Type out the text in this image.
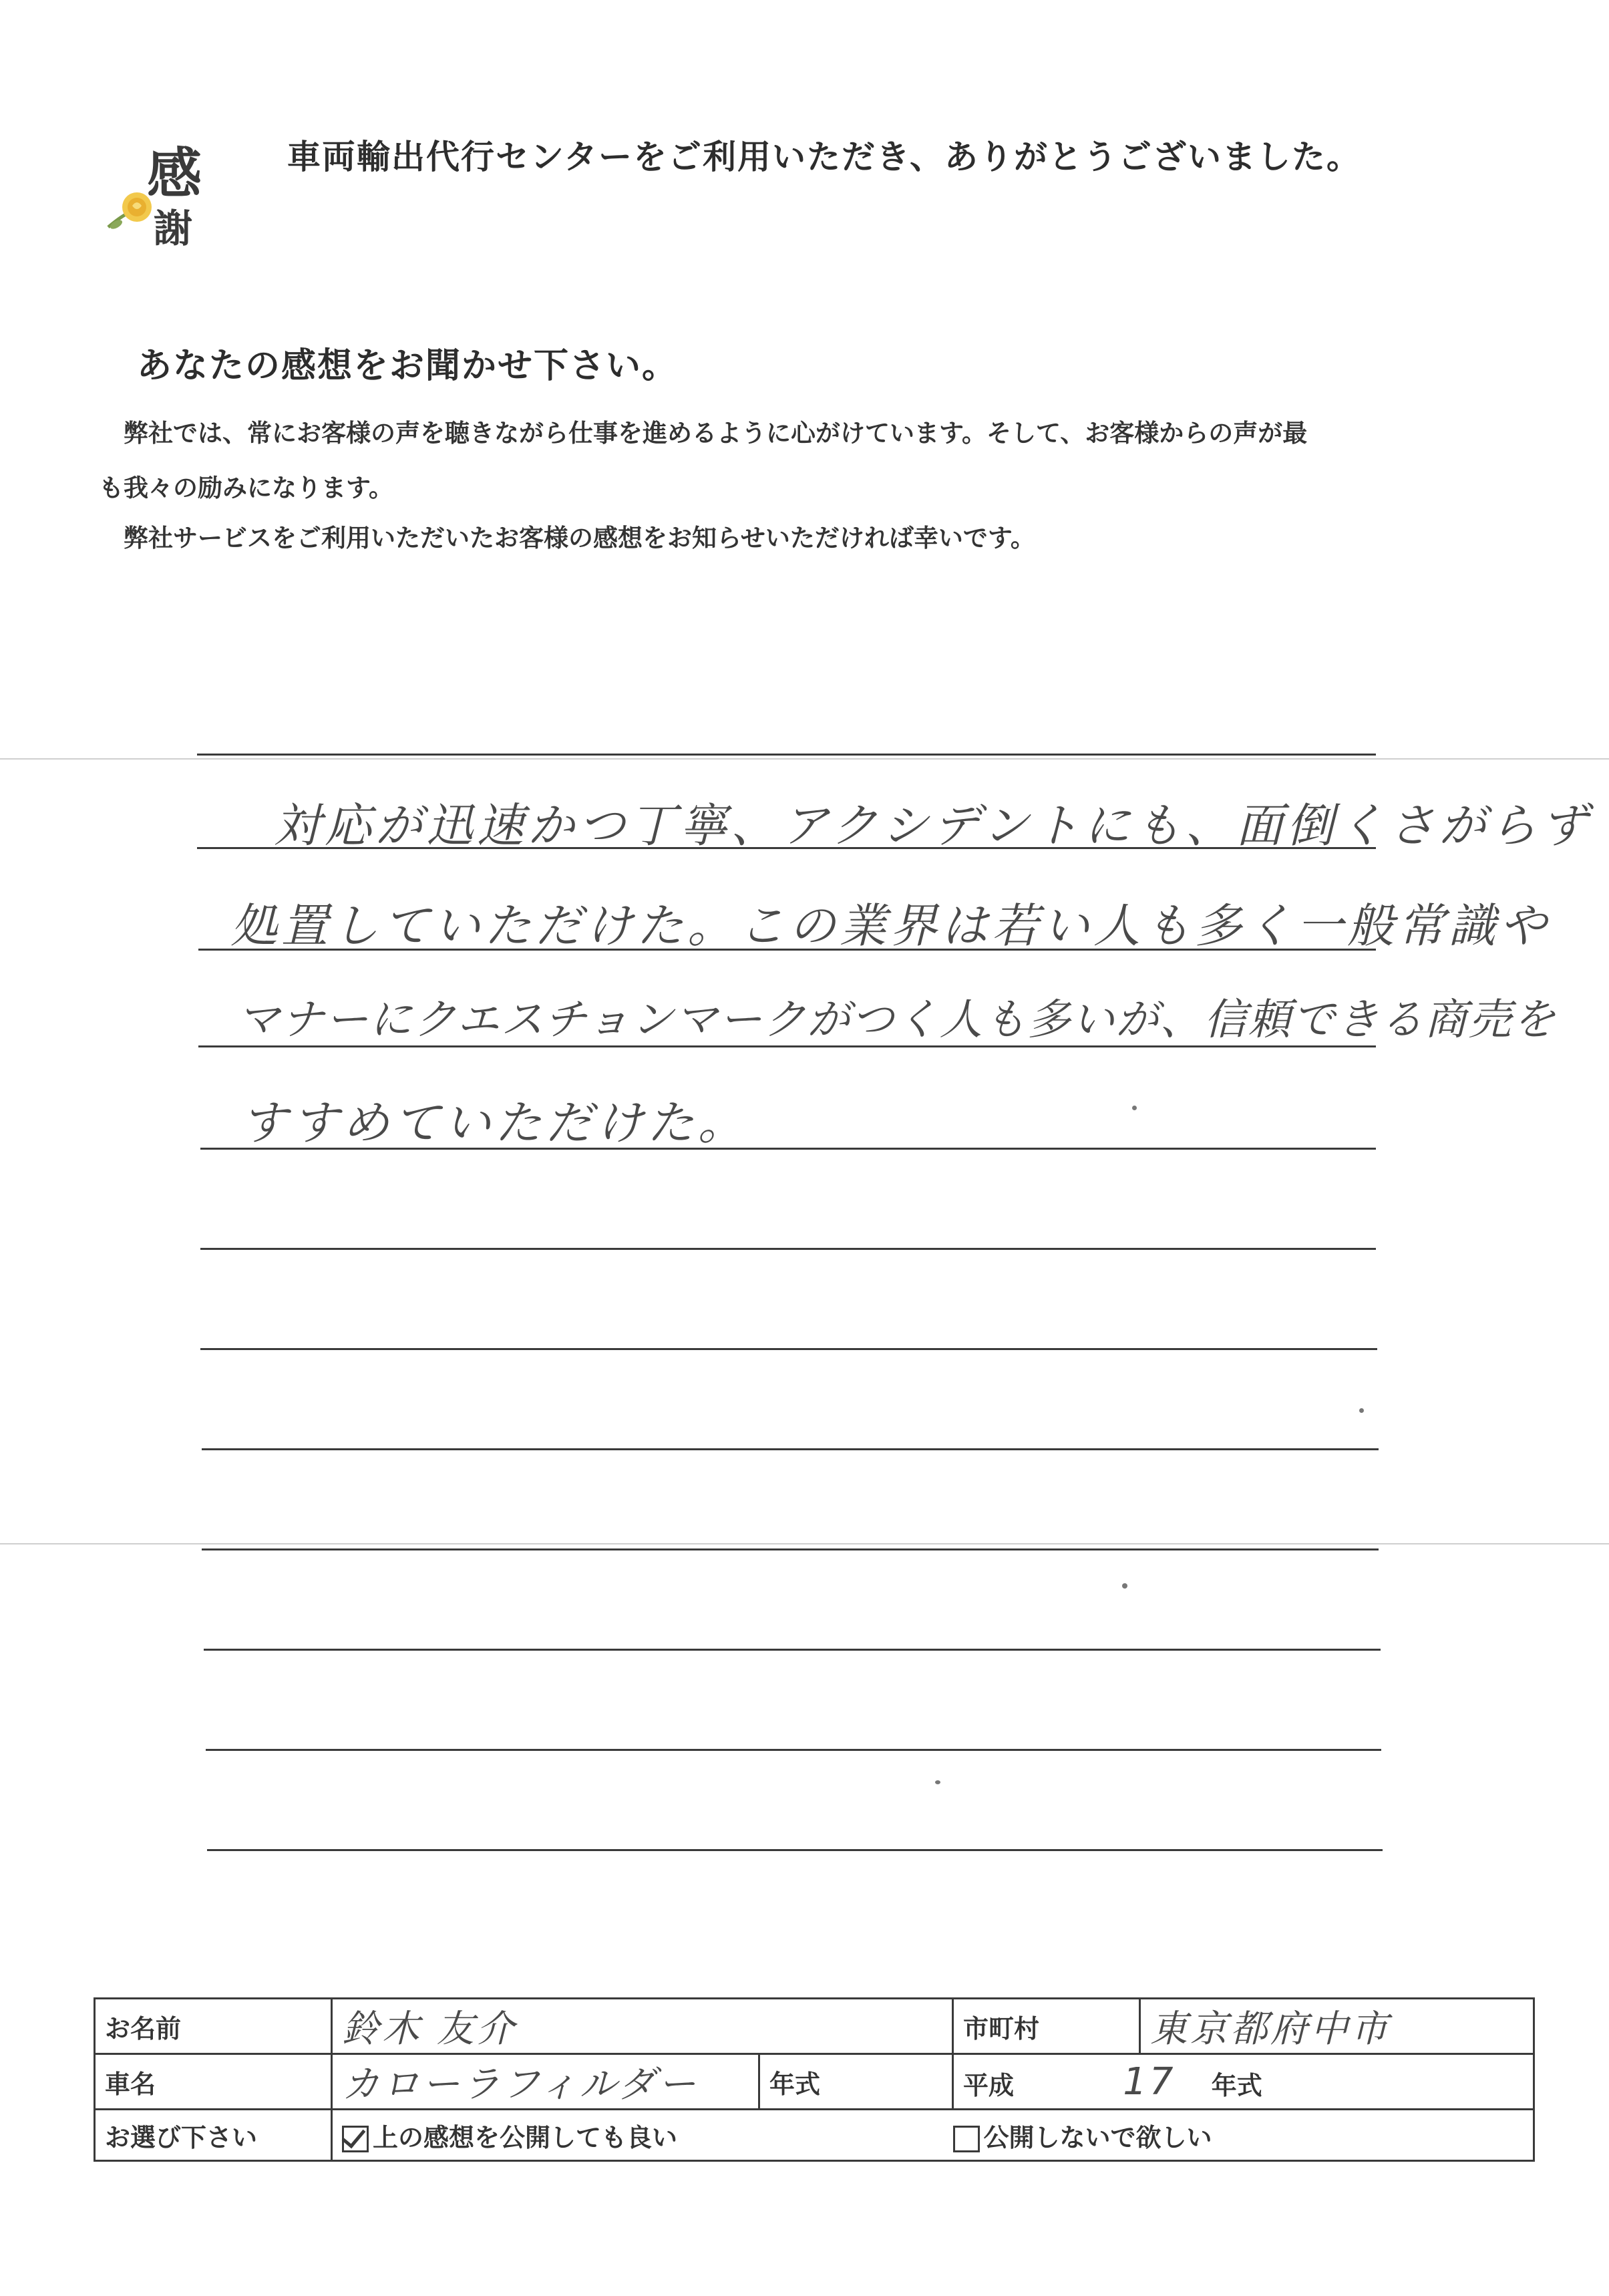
感
謝
車両輸出代行センターをご利用いただき、ありがとうございました。
あなたの感想をお聞かせ下さい。
弊社では、常にお客様の声を聴きながら仕事を進めるように心がけています。そして、お客様からの声が最
も我々の励みになります。
弊社サービスをご利用いただいたお客様の感想をお知らせいただければ幸いです。
対応が迅速かつ丁寧、アクシデントにも、面倒くさがらず
処置していただけた。この業界は若い人も多く一般常識や
マナーにクエスチョンマークがつく人も多いが、信頼できる商売を
すすめていただけた。
お名前	鈴木 友介		市町村	東京都府中市
車名	カローラフィルダー	年式	平成 17 年式	
お選び下さい	上の感想を公開しても良い		公開しないで欲しい	
